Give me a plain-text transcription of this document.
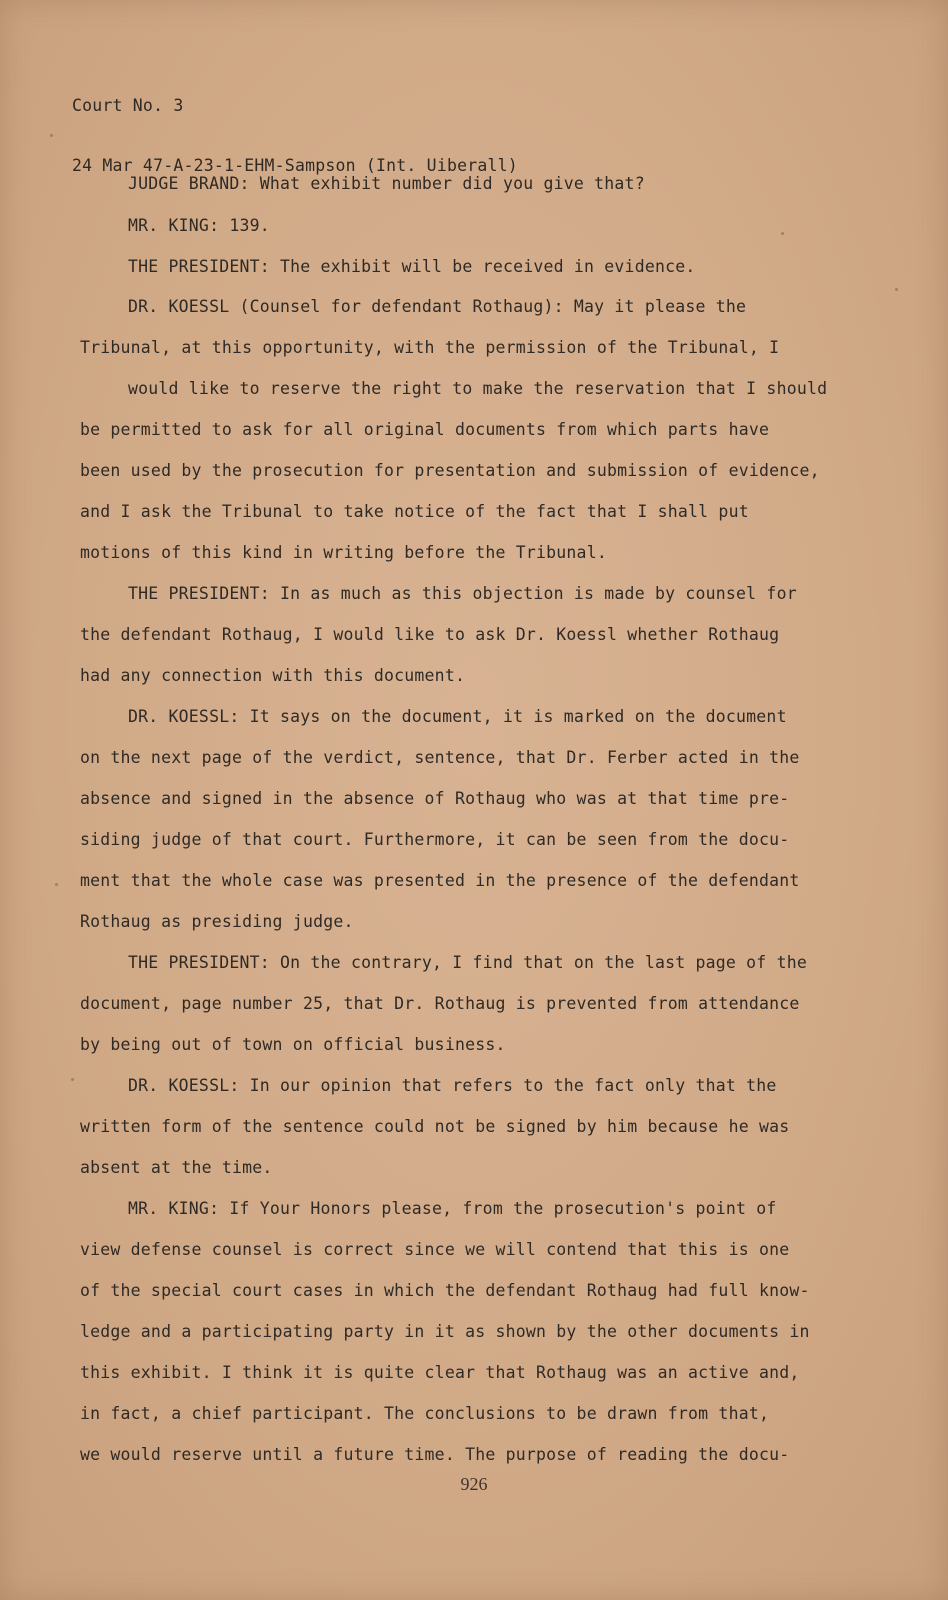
Court No. 3

24 Mar 47-A-23-1-EHM-Sampson (Int. Uiberall)

JUDGE BRAND: What exhibit number did you give that?
MR. KING: 139.
THE PRESIDENT: The exhibit will be received in evidence.
DR. KOESSL (Counsel for defendant Rothaug): May it please the
Tribunal, at this opportunity, with the permission of the Tribunal, I
would like to reserve the right to make the reservation that I should
be permitted to ask for all original documents from which parts have
been used by the prosecution for presentation and submission of evidence,
and I ask the Tribunal to take notice of the fact that I shall put
motions of this kind in writing before the Tribunal.
THE PRESIDENT: In as much as this objection is made by counsel for
the defendant Rothaug, I would like to ask Dr. Koessl whether Rothaug
had any connection with this document.
DR. KOESSL: It says on the document, it is marked on the document
on the next page of the verdict, sentence, that Dr. Ferber acted in the
absence and signed in the absence of Rothaug who was at that time pre-
siding judge of that court. Furthermore, it can be seen from the docu-
ment that the whole case was presented in the presence of the defendant
Rothaug as presiding judge.
THE PRESIDENT: On the contrary, I find that on the last page of the
document, page number 25, that Dr. Rothaug is prevented from attendance
by being out of town on official business.
DR. KOESSL: In our opinion that refers to the fact only that the
written form of the sentence could not be signed by him because he was
absent at the time.
MR. KING: If Your Honors please, from the prosecution's point of
view defense counsel is correct since we will contend that this is one
of the special court cases in which the defendant Rothaug had full know-
ledge and a participating party in it as shown by the other documents in
this exhibit. I think it is quite clear that Rothaug was an active and,
in fact, a chief participant. The conclusions to be drawn from that,
we would reserve until a future time. The purpose of reading the docu-
926
